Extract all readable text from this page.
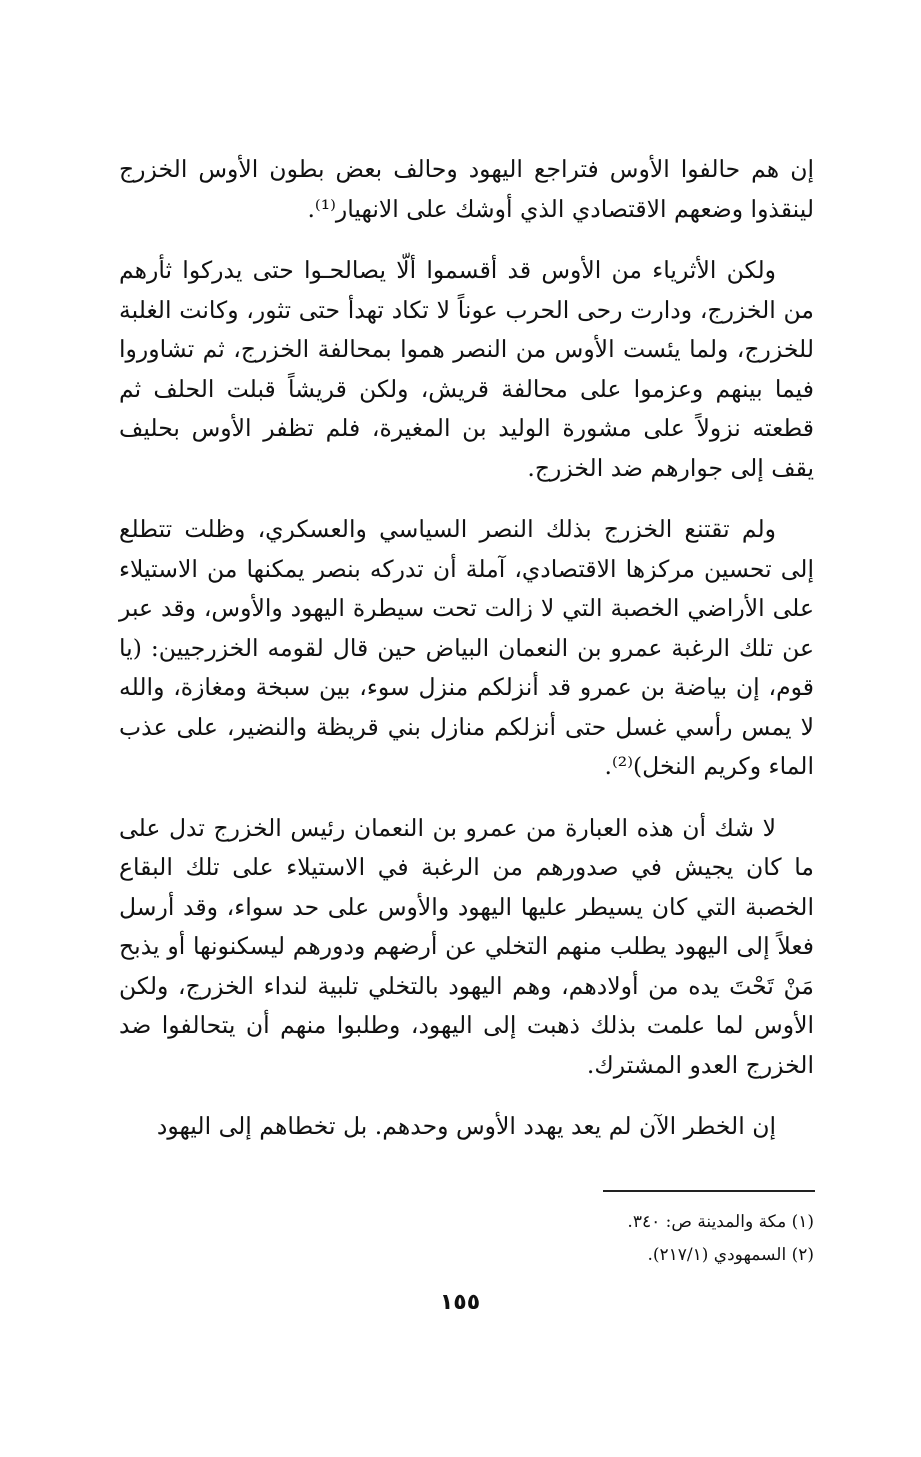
إن هم حالفوا الأوس فتراجع اليهود وحالف بعض بطون الأوس الخزرج لينقذوا وضعهم الاقتصادي الذي أوشك على الانهيار⁽¹⁾.

ولكن الأثرياء من الأوس قد أقسموا ألّا يصالحـوا حتى يدركوا ثأرهم من الخزرج، ودارت رحى الحرب عوناً لا تكاد تهدأ حتى تثور، وكانت الغلبة للخزرج، ولما يئست الأوس من النصر هموا بمحالفة الخزرج، ثم تشاوروا فيما بينهم وعزموا على محالفة قريش، ولكن قريشاً قبلت الحلف ثم قطعته نزولاً على مشورة الوليد بن المغيرة، فلم تظفر الأوس بحليف يقف إلى جوارهم ضد الخزرج.

ولم تقتنع الخزرج بذلك النصر السياسي والعسكري، وظلت تتطلع إلى تحسين مركزها الاقتصادي، آملة أن تدركه بنصر يمكنها من الاستيلاء على الأراضي الخصبة التي لا زالت تحت سيطرة اليهود والأوس، وقد عبر عن تلك الرغبة عمرو بن النعمان البياض حين قال لقومه الخزرجيين: (يا قوم، إن بياضة بن عمرو قد أنزلكم منزل سوء، بين سبخة ومغازة، والله لا يمس رأسي غسل حتى أنزلكم منازل بني قريظة والنضير، على عذب الماء وكريم النخل)⁽²⁾.

لا شك أن هذه العبارة من عمرو بن النعمان رئيس الخزرج تدل على ما كان يجيش في صدورهم من الرغبة في الاستيلاء على تلك البقاع الخصبة التي كان يسيطر عليها اليهود والأوس على حد سواء، وقد أرسل فعلاً إلى اليهود يطلب منهم التخلي عن أرضهم ودورهم ليسكنونها أو يذبح مَنْ تَحْتَ يده من أولادهم، وهم اليهود بالتخلي تلبية لنداء الخزرج، ولكن الأوس لما علمت بذلك ذهبت إلى اليهود، وطلبوا منهم أن يتحالفوا ضد الخزرج العدو المشترك.

إن الخطر الآن لم يعد يهدد الأوس وحدهم. بل تخطاهم إلى اليهود

(١) مكة والمدينة ص: ٣٤٠.

(٢) السمهودي (٢١٧/١).

١٥٥
